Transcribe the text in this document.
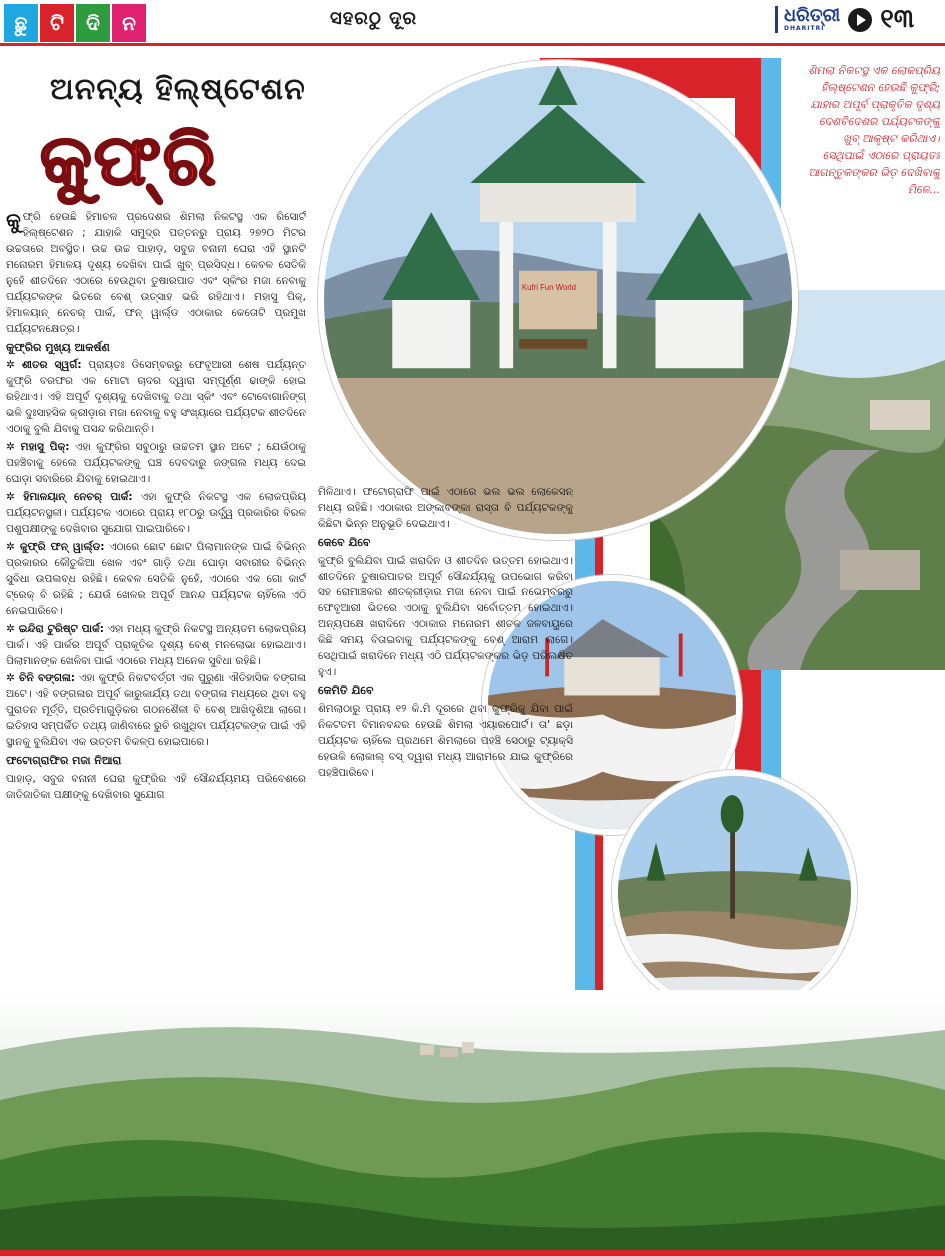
ଛୁ	ଟି	ଦି	ନ	ସହରଠୁ ଦୂର	ଧରିତ୍ରୀ
DHARITRI	୧୩
ଅନନ୍ୟ ହିଲ୍‌ଷ୍ଟେଶନ
କୁଫ୍‌ରି

ଶିମଲା ନିକଟସ୍ଥ ଏକ ଲୋକପ୍ରିୟ ହିଲ୍‌ଷ୍ଟେଶନ ହେଉଛି କୁଫ୍‌ରି; ଯାହାର ଅପୂର୍ବ ପ୍ରାକୃତିକ ଦୃଶ୍ୟ ଦେଶବିଦେଶର ପର୍ଯ୍ୟଟକଙ୍କୁ ଖୁବ୍ ଆକୃଷ୍ଟ କରିଥାଏ। ସେଥିପାଇଁ ଏଠାରେ ପ୍ରାୟତଃ ଆଗନ୍ତୁକଙ୍କର ଭିଡ଼ ଦେଖିବାକୁ ମିଳେ...

Kufri Fun World

କୁଫ୍‌ରି ହେଉଛି ହିମାଚଳ ପ୍ରଦେଶର ଶିମଲା ନିକଟସ୍ଥ ଏକ ରିସୋର୍ଟ ହିଲ୍‌ଷ୍ଟେଶନ ; ଯାହାକି ସମୁଦ୍ର ପତ୍ତନରୁ ପ୍ରାୟ ୨୭୨୦ ମିଟର ଉଚ୍ଚତାରେ ଅବସ୍ଥିତ। ଉଚ୍ଚ ଉଚ୍ଚ ପାହାଡ଼, ସବୁଜ ବନାନୀ ଘେରା ଏହି ସ୍ଥାନଟି ମନୋରମ ହିମାଳୟ ଦୃଶ୍ୟ ଦେଖିବା ପାଇଁ ଖୁବ୍ ପ୍ରସିଦ୍ଧ। କେବଳ ସେତିକି ନୁହେଁ ଶୀତଦିନେ ଏଠାରେ ହେଉଥିବା ତୁଷାରପାତ ଏବଂ ସ୍କିଂର ମଜା ନେବାକୁ ପର୍ଯ୍ୟଟକଙ୍କ ଭିତରେ ବେଶ୍ ଉତ୍ସାହ ଭରି ରହିଥାଏ। ମହାସୁ ପିକ୍, ହିମାଳୟାନ୍ ନେଚର୍ ପାର୍କ, ଫନ୍ ୱାର୍ଲ୍ଡ ଏଠାକାର କେତୋଟି ପ୍ରମୁଖ ପର୍ଯ୍ୟଟନକ୍ଷେତ୍ର।

କୁଫ୍‌ରିର ମୁଖ୍ୟ ଆକର୍ଷଣ

✲ ଶୀତର ସ୍ୱର୍ଗ: ପ୍ରାୟତଃ ଡିସେମ୍ବରରୁ ଫେବୃଆରୀ ଶେଷ ପର୍ଯ୍ୟନ୍ତ କୁଫ୍‌ରି ବରଫର ଏକ ମୋଟା ଚାଦର ଦ୍ୱାରା ସମ୍ପୂର୍ଣ୍ଣ ଢାଙ୍କି ହୋଇ ରହିଥାଏ। ଏହି ଅପୂର୍ବ ଦୃଶ୍ୟକୁ ଦେଖିବାକୁ ତଥା ସ୍କିଂ ଏବଂ ଟୋବୋଗାନିଙ୍ଗ୍ ଭଳି ଦୁଃସାହସିକ କ୍ରୀଡ଼ାର ମଜା ନେବାକୁ ବହୁ ସଂଖ୍ୟାରେ ପର୍ଯ୍ୟଟକ ଶୀତଦିନେ ଏଠାକୁ ବୁଲି ଯିବାକୁ ପସନ୍ଦ କରିଥାନ୍ତି।

✲ ମହାସୁ ପିକ୍: ଏହା କୁଫ୍‌ରିର ସବୁଠାରୁ ଉଚ୍ଚତମ ସ୍ଥାନ ଅଟେ ; ଯେଉଁଠାକୁ ପହଞ୍ଚିବାକୁ ହେଲେ ପର୍ଯ୍ୟଟକଙ୍କୁ ଘଞ୍ଚ ଦେବଦାରୁ ଜଙ୍ଗଲ ମଧ୍ୟ ଦେଇ ଘୋଡ଼ା ସବାରିରେ ଯିବାକୁ ହୋଇଥାଏ।

✲ ହିମାଳୟାନ୍ ନେଚର୍ ପାର୍କ: ଏହା କୁଫ୍‌ରି ନିକଟସ୍ଥ ଏକ ଲୋକପ୍ରିୟ ପର୍ଯ୍ୟଟନସ୍ଥଳୀ। ପର୍ଯ୍ୟଟକ ଏଠାରେ ପ୍ରାୟ ୧୮୦ରୁ ଊର୍ଦ୍ଧ୍ୱ ପ୍ରକାରିର ବିରଳ ପଶୁପକ୍ଷୀଙ୍କୁ ଦେଖିବାର ସୁଯୋଗ ପାଇପାରିବେ।

✲ କୁଫ୍‌ରି ଫନ୍ ୱାର୍ଲ୍ଡ: ଏଠାରେ ଛୋଟ ଛୋଟ ପିଲାମାନଙ୍କ ପାଇଁ ବିଭିନ୍ନ ପ୍ରକାରର କୌତୁକିଆ ଖେଳ ଏବଂ ଗାଡ଼ି ତଥା ଘୋଡ଼ା ସବାରୀର ବିଭିନ୍ନ ସୁବିଧା ଉପଲବ୍ଧ ରହିଛି। କେବଳ ସେତିକି ନୁହେଁ, ଏଠାରେ ଏକ ଗୋ କାର୍ଟ ଟ୍ରେକ୍ ବି ରହିଛି ; ଯେଉଁ ଖେଳର ଅପୂର୍ବ ଆନନ୍ଦ ପର୍ଯ୍ୟଟକ ଚାହିଁଲେ ଏଠି ନେଇପାରିବେ।

✲ ଇନ୍ଦିରା ଟୁରିଷ୍ଟ ପାର୍କ: ଏହା ମଧ୍ୟ କୁଫ୍‌ରି ନିକଟସ୍ଥ ଅନ୍ୟତମ ଲୋକପ୍ରିୟ ପାର୍କ। ଏହି ପାର୍କର ଅପୂର୍ବ ପ୍ରାକୃତିକ ଦୃଶ୍ୟ ବେଶ୍ ମନଲୋଭା ହୋଇଥାଏ। ପିଲାମାନଙ୍କ ଖେଳିବା ପାଇଁ ଏଠାରେ ମଧ୍ୟ ଅନେକ ସୁବିଧା ରହିଛି।

✲ ଚିନି ବଙ୍ଗଳା: ଏହା କୁଫ୍‌ରି ନିକଟବର୍ତ୍ତୀ ଏକ ପୁରୁଣା ଐତିହାସିକ ବଙ୍ଗଳା ଅଟେ। ଏହି ବଙ୍ଗଳାର ଅପୂର୍ବ କାରୁକାର୍ଯ୍ୟ ତଥା ବଙ୍ଗଳା ମଧ୍ୟରେ ଥିବା ବହୁ ପୁରାତନ ମୂର୍ତ୍ତି, ପ୍ରତିମାଗୁଡ଼ିକର ଗଠନଶୈଳୀ ବି ବେଶ୍ ଆଖିଦୃଶିଆ ଲାଗେ। ଇତିହାସ ସମ୍ପର୍କିତ ତଥ୍ୟ ଜାଣିବାରେ ରୁଚି ରଖୁଥିବା ପର୍ଯ୍ୟଟକଙ୍କ ପାଇଁ ଏହି ସ୍ଥାନକୁ ବୁଲିଯିବା ଏକ ଉତ୍ତମ ବିକଳ୍ପ ହୋଇପାରେ।

ଫଟୋଗ୍ରାଫିର ମଜା ନିଆରା

ପାହାଡ଼, ସବୁଜ ବନାନୀ ଘେରା କୁଫ୍‌ରିର ଏହି ସୌନ୍ଦର୍ଯ୍ୟମୟ ପରିବେଶରେ ଜାତିଜାତିକା ପକ୍ଷୀଙ୍କୁ ଦେଖିବାର ସୁଯୋଗ

ମିଳିଥାଏ। ଫଟୋଗ୍ରାଫି ପାଇଁ ଏଠାରେ ଭଲ ଭଲ ଲୋକେସନ୍ ମଧ୍ୟ ରହିଛି। ଏଠାକାର ଅଙ୍କାବଙ୍କା ରାସ୍ତା ବି ପର୍ଯ୍ୟଟକଙ୍କୁ କିଛିଟା ଭିନ୍ନ ଅନୁଭୂତି ଦେଇଥାଏ।

କେବେ ଯିବେ

କୁଫ୍‌ରି ବୁଲିଯିବା ପାଇଁ ଖରାଦିନ ଓ ଶୀତଦିନ ଉତ୍ତମ ହୋଇଥାଏ। ଶୀତଦିନେ ତୁଷାରପାତର ଅପୂର୍ବ ସୌନ୍ଦର୍ଯ୍ୟକୁ ଉପଭୋଗ କରିବା ସହ ରୋମାଞ୍ଚକର ଶୀତକ୍ରୀଡ଼ାର ମଜା ନେବା ପାଇଁ ନଭେମ୍ବରରୁ ଫେବୃଆରୀ ଭିତରେ ଏଠାକୁ ବୁଲିଯିବା ସର୍ବୋତ୍ତମ ହୋଇଥାଏ। ଅନ୍ୟପକ୍ଷେ ଖରାଦିନେ ଏଠାକାର ମନୋରମ ଶୀତଳ ଜଳବାୟୁରେ କିଛି ସମୟ ବିତାଇବାକୁ ପର୍ଯ୍ୟଟକଙ୍କୁ ବେଶ୍ ଆରାମ ଲାଗେ। ସେଥିପାଇଁ ଖରାଦିନେ ମଧ୍ୟ ଏଠି ପର୍ଯ୍ୟଟକଙ୍କର ଭିଡ଼ ପରିଲକ୍ଷିତ ହୁଏ।

କେମିତି ଯିବେ

ଶିମଲାଠାରୁ ପ୍ରାୟ ୧୨ କି.ମି ଦୂରରେ ଥିବା କୁଫ୍‌ରିକୁ ଯିବା ପାଇଁ ନିକଟତମ ବିମାନବନ୍ଦର ହେଉଛି ଶିମଲା ଏୟାରପୋର୍ଟ। ତା' ଛଡ଼ା ପର୍ଯ୍ୟଟକ ଚାହିଁଲେ ପ୍ରଥମେ ଶିମଲାରେ ପହଞ୍ଚି ସେଠାରୁ ଟ୍ୟାକ୍ସି ହେଉକି ଲୋକାଲ୍ ବସ୍ ଦ୍ୱାରା ମଧ୍ୟ ଆରାମରେ ଯାଇ କୁଫ୍‌ରିରେ ପହଞ୍ଚିପାରିବେ।
